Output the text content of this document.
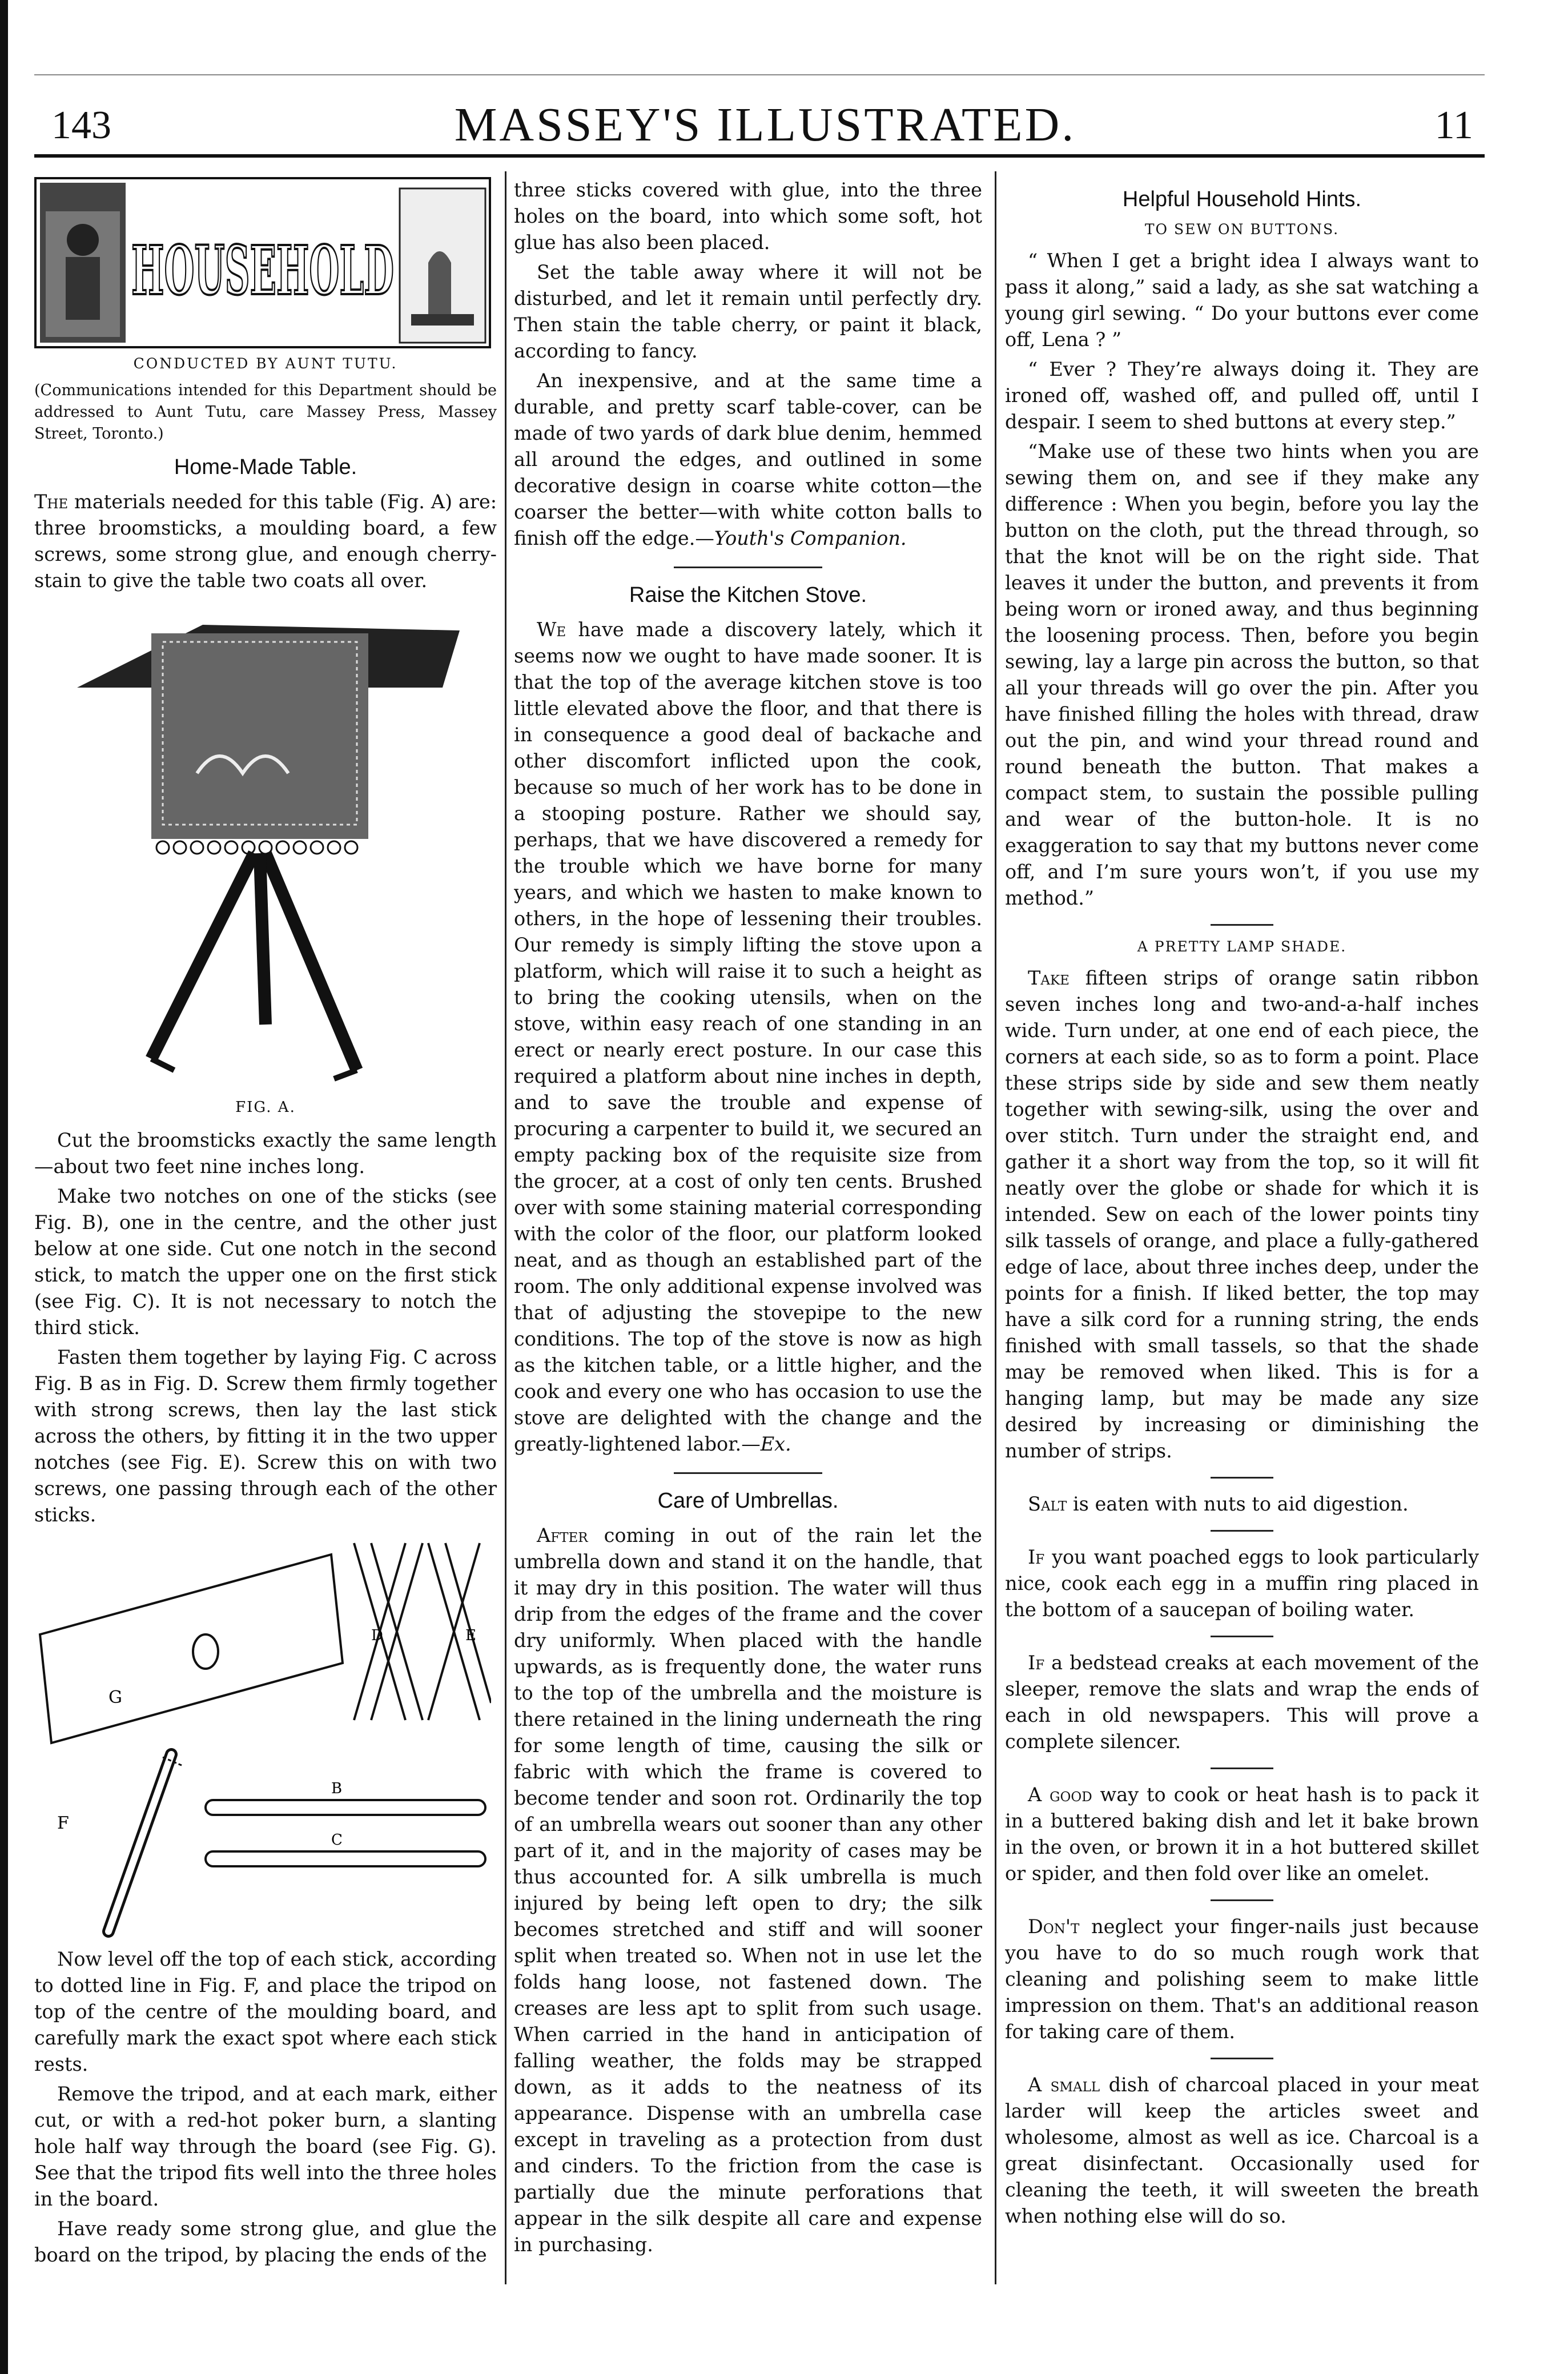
143	MASSEY'S ILLUSTRATED.	11
HOUSEHOLD
CONDUCTED BY AUNT TUTU.

(Communications intended for this Department should be addressed to Aunt Tutu, care Massey Press, Massey Street, Toronto.)

Home-Made Table.

The materials needed for this table (Fig. A) are: three broomsticks, a moulding board, a few screws, some strong glue, and enough cherry-stain to give the table two coats all over.

FIG. A.

Cut the broomsticks exactly the same length—about two feet nine inches long.

Make two notches on one of the sticks (see Fig. B), one in the centre, and the other just below at one side. Cut one notch in the second stick, to match the upper one on the first stick (see Fig. C). It is not necessary to notch the third stick.

Fasten them together by laying Fig. C across Fig. B as in Fig. D. Screw them firmly together with strong screws, then lay the last stick across the others, by fitting it in the two upper notches (see Fig. E). Screw this on with two screws, one passing through each of the other sticks.

G
D	E
F
B
C

Now level off the top of each stick, according to dotted line in Fig. F, and place the tripod on top of the centre of the moulding board, and carefully mark the exact spot where each stick rests.

Remove the tripod, and at each mark, either cut, or with a red-hot poker burn, a slanting hole half way through the board (see Fig. G). See that the tripod fits well into the three holes in the board.

Have ready some strong glue, and glue the board on the tripod, by placing the ends of the

three sticks covered with glue, into the three holes on the board, into which some soft, hot glue has also been placed.

Set the table away where it will not be disturbed, and let it remain until perfectly dry. Then stain the table cherry, or paint it black, according to fancy.

An inexpensive, and at the same time a durable, and pretty scarf table-cover, can be made of two yards of dark blue denim, hemmed all around the edges, and outlined in some decorative design in coarse white cotton—the coarser the better—with white cotton balls to finish off the edge.—Youth's Companion.

Raise the Kitchen Stove.

We have made a discovery lately, which it seems now we ought to have made sooner. It is that the top of the average kitchen stove is too little elevated above the floor, and that there is in consequence a good deal of backache and other discomfort inflicted upon the cook, because so much of her work has to be done in a stooping posture. Rather we should say, perhaps, that we have discovered a remedy for the trouble which we have borne for many years, and which we hasten to make known to others, in the hope of lessening their troubles. Our remedy is simply lifting the stove upon a platform, which will raise it to such a height as to bring the cooking utensils, when on the stove, within easy reach of one standing in an erect or nearly erect posture. In our case this required a platform about nine inches in depth, and to save the trouble and expense of procuring a carpenter to build it, we secured an empty packing box of the requisite size from the grocer, at a cost of only ten cents. Brushed over with some staining material corresponding with the color of the floor, our platform looked neat, and as though an established part of the room. The only additional expense involved was that of adjusting the stovepipe to the new conditions. The top of the stove is now as high as the kitchen table, or a little higher, and the cook and every one who has occasion to use the stove are delighted with the change and the greatly-lightened labor.—Ex.

Care of Umbrellas.

After coming in out of the rain let the umbrella down and stand it on the handle, that it may dry in this position. The water will thus drip from the edges of the frame and the cover dry uniformly. When placed with the handle upwards, as is frequently done, the water runs to the top of the umbrella and the moisture is there retained in the lining underneath the ring for some length of time, causing the silk or fabric with which the frame is covered to become tender and soon rot. Ordinarily the top of an umbrella wears out sooner than any other part of it, and in the majority of cases may be thus accounted for. A silk umbrella is much injured by being left open to dry; the silk becomes stretched and stiff and will sooner split when treated so. When not in use let the folds hang loose, not fastened down. The creases are less apt to split from such usage. When carried in the hand in anticipation of falling weather, the folds may be strapped down, as it adds to the neatness of its appearance. Dispense with an umbrella case except in traveling as a protection from dust and cinders. To the friction from the case is partially due the minute perforations that appear in the silk despite all care and expense in purchasing.

Helpful Household Hints.
TO SEW ON BUTTONS.

“ When I get a bright idea I always want to pass it along,” said a lady, as she sat watching a young girl sewing. “ Do your buttons ever come off, Lena ? ”

“ Ever ? They’re always doing it. They are ironed off, washed off, and pulled off, until I despair. I seem to shed buttons at every step.”

“Make use of these two hints when you are sewing them on, and see if they make any difference : When you begin, before you lay the button on the cloth, put the thread through, so that the knot will be on the right side. That leaves it under the button, and prevents it from being worn or ironed away, and thus beginning the loosening process. Then, before you begin sewing, lay a large pin across the button, so that all your threads will go over the pin. After you have finished filling the holes with thread, draw out the pin, and wind your thread round and round beneath the button. That makes a compact stem, to sustain the possible pulling and wear of the button-hole. It is no exaggeration to say that my buttons never come off, and I’m sure yours won’t, if you use my method.”

A PRETTY LAMP SHADE.

Take fifteen strips of orange satin ribbon seven inches long and two-and-a-half inches wide. Turn under, at one end of each piece, the corners at each side, so as to form a point. Place these strips side by side and sew them neatly together with sewing-silk, using the over and over stitch. Turn under the straight end, and gather it a short way from the top, so it will fit neatly over the globe or shade for which it is intended. Sew on each of the lower points tiny silk tassels of orange, and place a fully-gathered edge of lace, about three inches deep, under the points for a finish. If liked better, the top may have a silk cord for a running string, the ends finished with small tassels, so that the shade may be removed when liked. This is for a hanging lamp, but may be made any size desired by increasing or diminishing the number of strips.

Salt is eaten with nuts to aid digestion.

If you want poached eggs to look particularly nice, cook each egg in a muffin ring placed in the bottom of a saucepan of boiling water.

If a bedstead creaks at each movement of the sleeper, remove the slats and wrap the ends of each in old newspapers. This will prove a complete silencer.

A good way to cook or heat hash is to pack it in a buttered baking dish and let it bake brown in the oven, or brown it in a hot buttered skillet or spider, and then fold over like an omelet.

Don't neglect your finger-nails just because you have to do so much rough work that cleaning and polishing seem to make little impression on them. That's an additional reason for taking care of them.

A small dish of charcoal placed in your meat larder will keep the articles sweet and wholesome, almost as well as ice. Charcoal is a great disinfectant. Occasionally used for cleaning the teeth, it will sweeten the breath when nothing else will do so.
